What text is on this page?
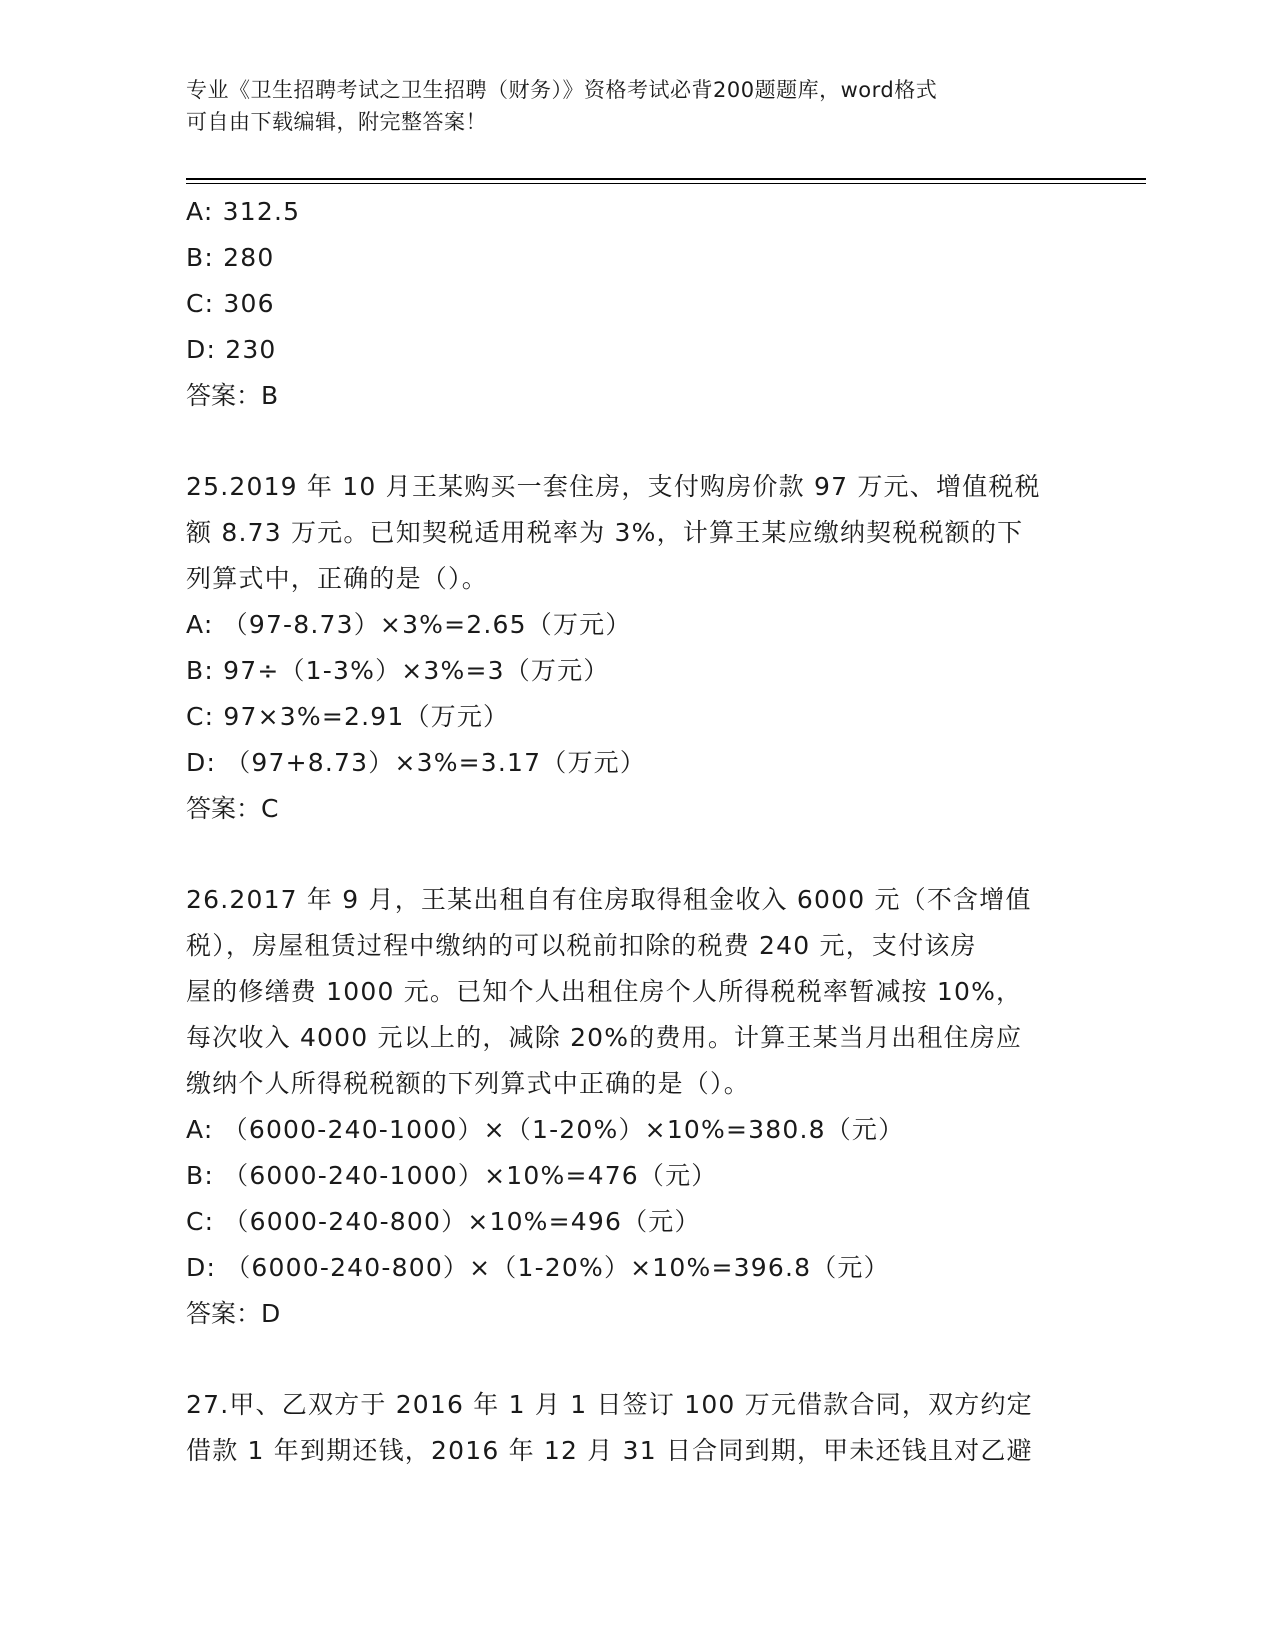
专业《卫生招聘考试之卫生招聘（财务）》资格考试必背200题题库，word格式
可自由下载编辑，附完整答案！
A: 312.5
B: 280
C: 306
D: 230
答案：B
25.2019 年 10 月王某购买一套住房，支付购房价款 97 万元、增值税税
额 8.73 万元。已知契税适用税率为 3%，计算王某应缴纳契税税额的下
列算式中，正确的是（）。
A: （97-8.73）×3%=2.65（万元）
B: 97÷（1-3%）×3%=3（万元）
C: 97×3%=2.91（万元）
D: （97+8.73）×3%=3.17（万元）
答案：C
26.2017 年 9 月，王某出租自有住房取得租金收入 6000 元（不含增值
税），房屋租赁过程中缴纳的可以税前扣除的税费 240 元，支付该房
屋的修缮费 1000 元。已知个人出租住房个人所得税税率暂减按 10%，
每次收入 4000 元以上的，减除 20%的费用。计算王某当月出租住房应
缴纳个人所得税税额的下列算式中正确的是（）。
A: （6000-240-1000）×（1-20%）×10%=380.8（元）
B: （6000-240-1000）×10%=476（元）
C: （6000-240-800）×10%=496（元）
D: （6000-240-800）×（1-20%）×10%=396.8（元）
答案：D
27.甲、乙双方于 2016 年 1 月 1 日签订 100 万元借款合同，双方约定
借款 1 年到期还钱，2016 年 12 月 31 日合同到期，甲未还钱且对乙避
